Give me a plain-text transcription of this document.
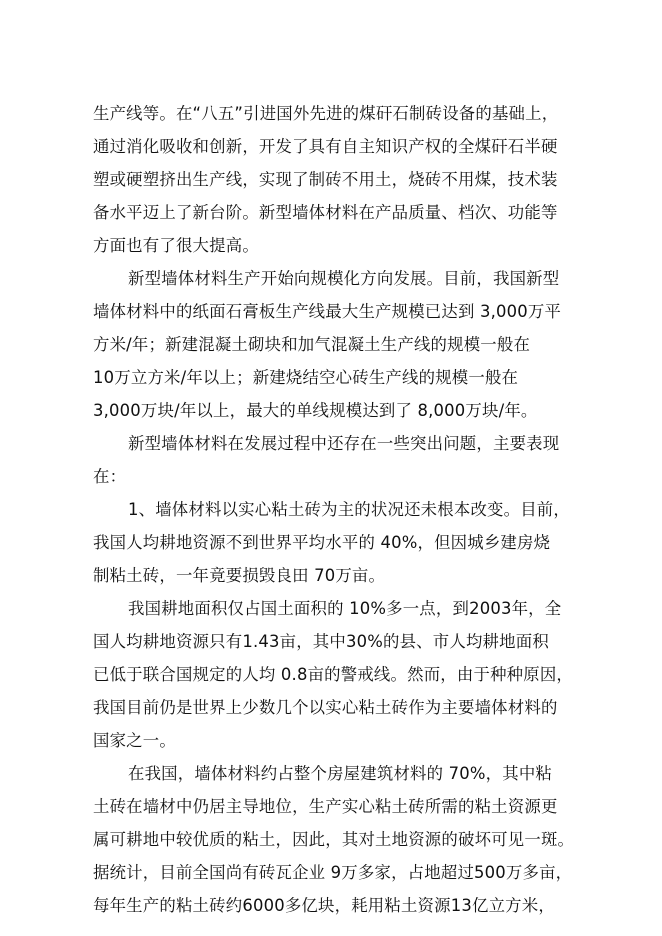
生产线等。在“八五”引进国外先进的煤矸石制砖设备的基础上，
通过消化吸收和创新，开发了具有自主知识产权的全煤矸石半硬
塑或硬塑挤出生产线，实现了制砖不用土，烧砖不用煤，技术装
备水平迈上了新台阶。新型墙体材料在产品质量、档次、功能等
方面也有了很大提高。
新型墙体材料生产开始向规模化方向发展。目前，我国新型
墙体材料中的纸面石膏板生产线最大生产规模已达到 3,000万平
方米/年；新建混凝土砌块和加气混凝土生产线的规模一般在
10万立方米/年以上；新建烧结空心砖生产线的规模一般在
3,000万块/年以上，最大的单线规模达到了 8,000万块/年。
新型墙体材料在发展过程中还存在一些突出问题，主要表现
在：
1、墙体材料以实心粘土砖为主的状况还未根本改变。目前，
我国人均耕地资源不到世界平均水平的 40%，但因城乡建房烧
制粘土砖，一年竟要损毁良田 70万亩。
我国耕地面积仅占国土面积的 10%多一点，到2003年，全
国人均耕地资源只有1.43亩，其中30%的县、市人均耕地面积
已低于联合国规定的人均 0.8亩的警戒线。然而，由于种种原因，
我国目前仍是世界上少数几个以实心粘土砖作为主要墙体材料的
国家之一。
在我国，墙体材料约占整个房屋建筑材料的 70%，其中粘
土砖在墙材中仍居主导地位，生产实心粘土砖所需的粘土资源更
属可耕地中较优质的粘土，因此，其对土地资源的破坏可见一斑。
据统计，目前全国尚有砖瓦企业 9万多家，占地超过500万多亩，
每年生产的粘土砖约6000多亿块，耗用粘土资源13亿立方米，
